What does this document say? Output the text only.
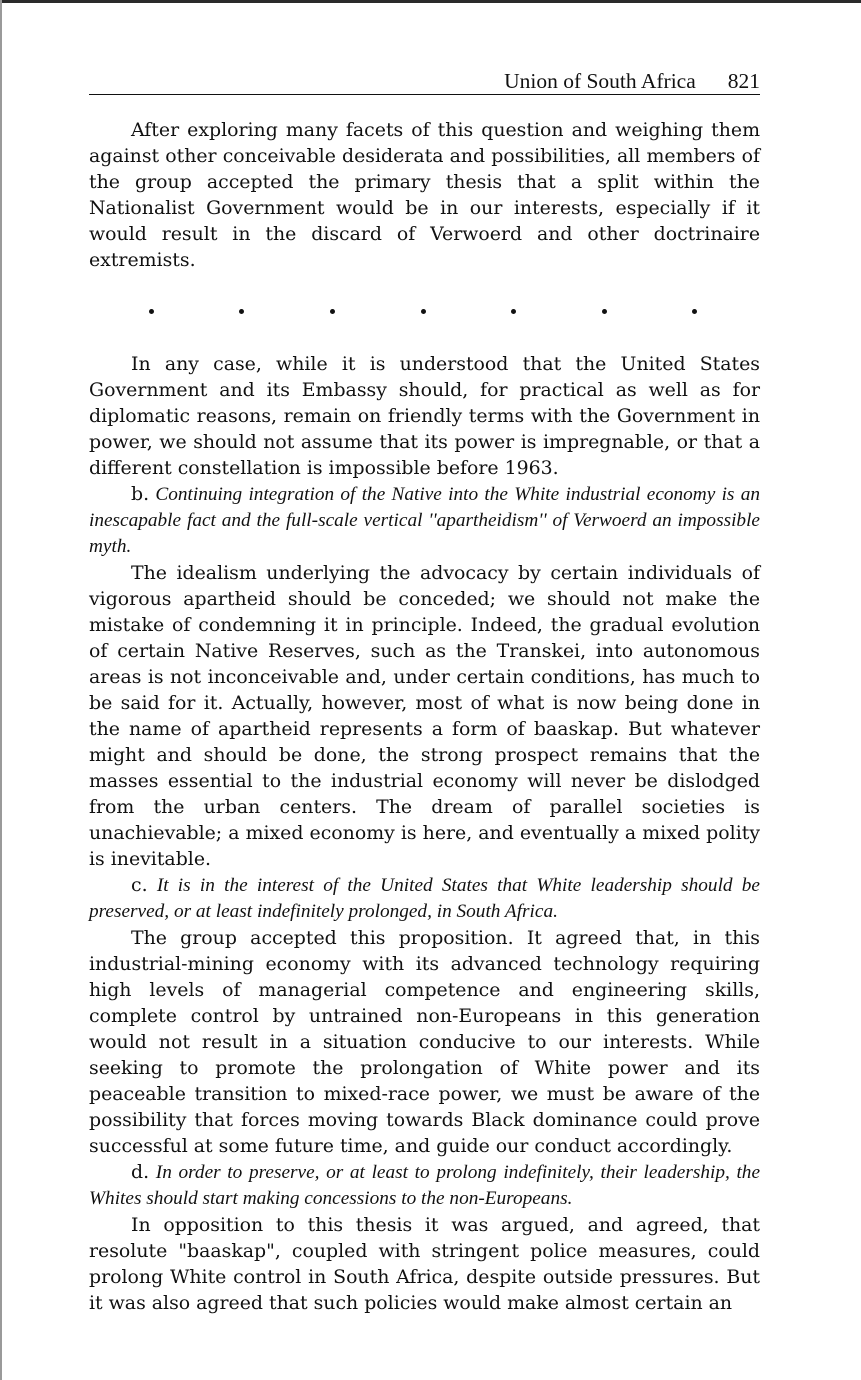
Union of South Africa 821

After exploring many facets of this question and weighing them against other conceivable desiderata and possibilities, all members of the group accepted the primary thesis that a split within the Nationalist Government would be in our interests, especially if it would result in the discard of Verwoerd and other doctrinaire extremists.

In any case, while it is understood that the United States Government and its Embassy should, for practical as well as for diplomatic reasons, remain on friendly terms with the Government in power, we should not assume that its power is impregnable, or that a different constellation is impossible before 1963.

b. Continuing integration of the Native into the White industrial economy is an inescapable fact and the full-scale vertical ''apartheidism'' of Verwoerd an impossible myth.

The idealism underlying the advocacy by certain individuals of vigorous apartheid should be conceded; we should not make the mistake of condemning it in principle. Indeed, the gradual evolution of certain Native Reserves, such as the Transkei, into autonomous areas is not inconceivable and, under certain conditions, has much to be said for it. Actually, however, most of what is now being done in the name of apartheid represents a form of baaskap. But whatever might and should be done, the strong prospect remains that the masses essential to the industrial economy will never be dislodged from the urban centers. The dream of parallel societies is unachievable; a mixed economy is here, and eventually a mixed polity is inevitable.

c. It is in the interest of the United States that White leadership should be preserved, or at least indefinitely prolonged, in South Africa.

The group accepted this proposition. It agreed that, in this industrial-mining economy with its advanced technology requiring high levels of managerial competence and engineering skills, complete control by untrained non-Europeans in this generation would not result in a situation conducive to our interests. While seeking to promote the prolongation of White power and its peaceable transition to mixed-race power, we must be aware of the possibility that forces moving towards Black dominance could prove successful at some future time, and guide our conduct accordingly.

d. In order to preserve, or at least to prolong indefinitely, their leadership, the Whites should start making concessions to the non-Europeans.

In opposition to this thesis it was argued, and agreed, that resolute "baaskap", coupled with stringent police measures, could prolong White control in South Africa, despite outside pressures. But it was also agreed that such policies would make almost certain an
